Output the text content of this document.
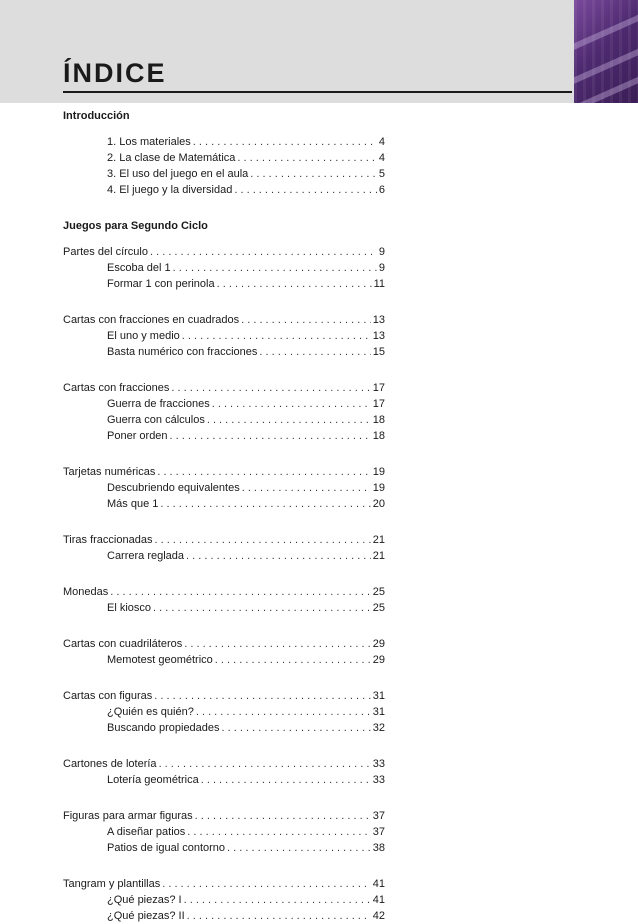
ÍNDICE
Introducción
1. Los materiales . . .	4
2. La clase de Matemática . . .	4
3. El uso del juego en el aula . . .	5
4. El juego y la diversidad . . .	6
Juegos para Segundo Ciclo
Partes del círculo . . .	9
Escoba del 1 . . .	9
Formar 1 con perinola . . .	11
Cartas con fracciones en cuadrados . . .	13
El uno y medio . . .	13
Basta numérico con fracciones . . .	15
Cartas con fracciones . . .	17
Guerra de fracciones . . .	17
Guerra con cálculos . . .	18
Poner orden . . .	18
Tarjetas numéricas . . .	19
Descubriendo equivalentes . . .	19
Más que 1 . . .	20
Tiras fraccionadas . . .	21
Carrera reglada . . .	21
Monedas . . .	25
El kiosco . . .	25
Cartas con cuadriláteros . . .	29
Memotest geométrico . . .	29
Cartas con figuras . . .	31
¿Quién es quién? . . .	31
Buscando propiedades . . .	32
Cartones de lotería . . .	33
Lotería geométrica . . .	33
Figuras para armar figuras . . .	37
A diseñar patios . . .	37
Patios de igual contorno . . .	38
Tangram y plantillas . . .	41
¿Qué piezas? I . . .	41
¿Qué piezas? II . . .	42
